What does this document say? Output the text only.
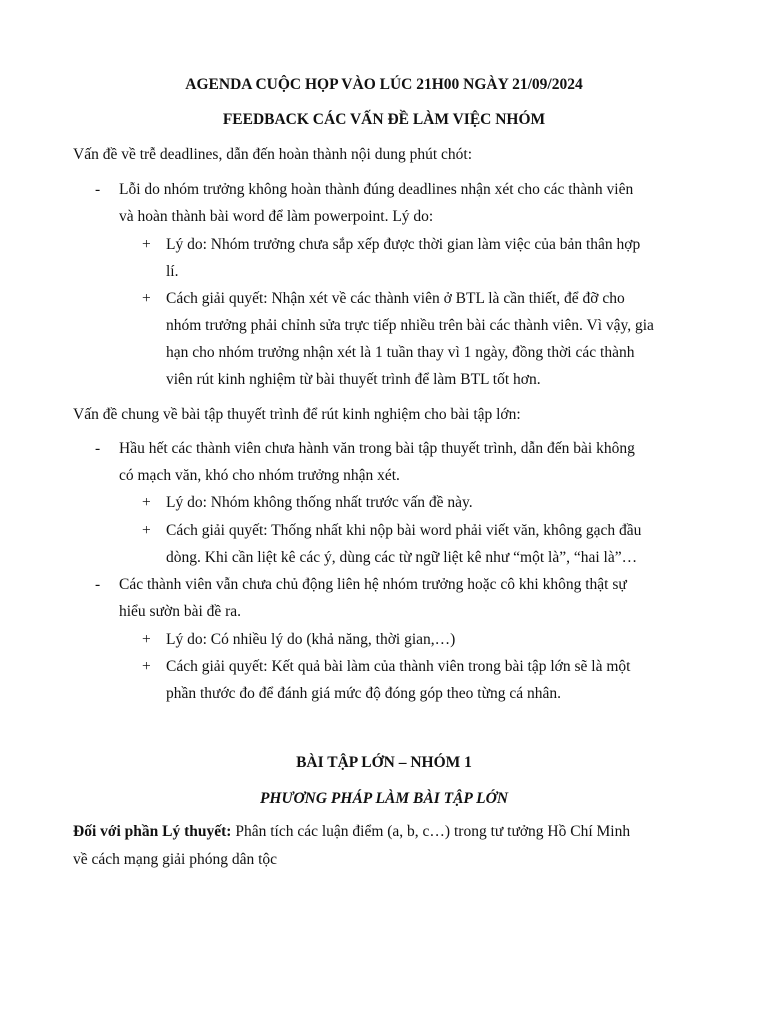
AGENDA CUỘC HỌP VÀO LÚC 21H00 NGÀY 21/09/2024
FEEDBACK CÁC VẤN ĐỀ LÀM VIỆC NHÓM
Vấn đề về trễ deadlines, dẫn đến hoàn thành nội dung phút chót:
- Lỗi do nhóm trưởng không hoàn thành đúng deadlines nhận xét cho các thành viên
và hoàn thành bài word để làm powerpoint. Lý do:
+ Lý do: Nhóm trưởng chưa sắp xếp được thời gian làm việc của bản thân hợp
lí.
+ Cách giải quyết: Nhận xét về các thành viên ở BTL là cần thiết, để đỡ cho
nhóm trưởng phải chỉnh sửa trực tiếp nhiều trên bài các thành viên. Vì vậy, gia
hạn cho nhóm trưởng nhận xét là 1 tuần thay vì 1 ngày, đồng thời các thành
viên rút kinh nghiệm từ bài thuyết trình để làm BTL tốt hơn.
Vấn đề chung về bài tập thuyết trình để rút kinh nghiệm cho bài tập lớn:
- Hầu hết các thành viên chưa hành văn trong bài tập thuyết trình, dẫn đến bài không
có mạch văn, khó cho nhóm trưởng nhận xét.
+ Lý do: Nhóm không thống nhất trước vấn đề này.
+ Cách giải quyết: Thống nhất khi nộp bài word phải viết văn, không gạch đầu
dòng. Khi cần liệt kê các ý, dùng các từ ngữ liệt kê như “một là”, “hai là”…
- Các thành viên vẫn chưa chủ động liên hệ nhóm trưởng hoặc cô khi không thật sự
hiểu sườn bài đề ra.
+ Lý do: Có nhiều lý do (khả năng, thời gian,…)
+ Cách giải quyết: Kết quả bài làm của thành viên trong bài tập lớn sẽ là một
phần thước đo để đánh giá mức độ đóng góp theo từng cá nhân.
BÀI TẬP LỚN – NHÓM 1
PHƯƠNG PHÁP LÀM BÀI TẬP LỚN
Đối với phần Lý thuyết: Phân tích các luận điểm (a, b, c…) trong tư tưởng Hồ Chí Minh
về cách mạng giải phóng dân tộc
